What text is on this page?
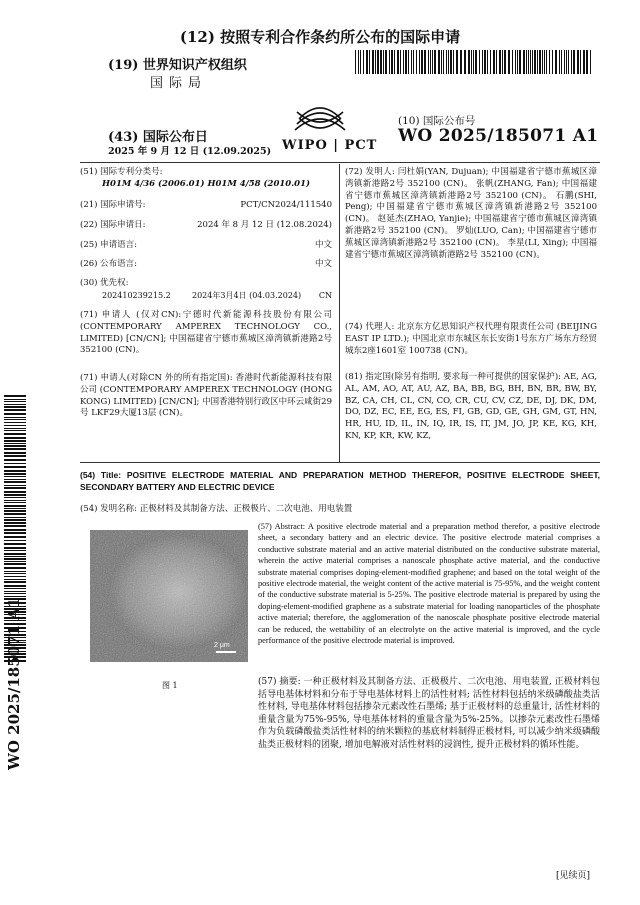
(12) 按照专利合作条约所公布的国际申请
(19) 世界知识产权组织
国际局
(43) 国际公布日
2025 年 9 月 12 日 (12.09.2025) WIPO | PCT
(10) 国际公布号
WO 2025/185071 A1
(51) 国际专利分类号:
H01M 4/36 (2006.01) H01M 4/58 (2010.01)
(21) 国际申请号:	PCT/CN2024/111540
(22) 国际申请日:	2024 年 8 月 12 日 (12.08.2024)
(25) 申请语言:	中文
(26) 公布语言:	中文
(30) 优先权:
202410239215.2	2024年3月4日 (04.03.2024) CN
(71) 申请人 (仅对CN):宁德时代新能源科技股份有限公司 (CONTEMPORARY AMPEREX TECHNOLOGY CO., LIMITED) [CN/CN]; 中国福建省宁德市蕉城区漳湾镇新港路2号 352100 (CN)。
(71) 申请人(对除CN 外的所有指定国): 香港时代新能源科技有限公司 (CONTEMPORARY AMPEREX TECHNOLOGY (HONG KONG) LIMITED) [CN/CN]; 中国香港特别行政区中环云咸街29号 LKF29大厦13层 (CN)。
(72) 发明人: 闫杜娟(YAN, Dujuan); 中国福建省宁德市蕉城区漳湾镇新港路2号 352100 (CN)。 张帆(ZHANG, Fan); 中国福建省宁德市蕉城区漳湾镇新港路2号 352100 (CN)。 石鹏(SHI, Peng); 中国福建省宁德市蕉城区漳湾镇新港路2号 352100 (CN)。 赵延杰(ZHAO, Yanjie); 中国福建省宁德市蕉城区漳湾镇新港路2号 352100 (CN)。 罗灿(LUO, Can); 中国福建省宁德市蕉城区漳湾镇新港路2号 352100 (CN)。 李星(LI, Xing); 中国福建省宁德市蕉城区漳湾镇新港路2号 352100 (CN)。
(74) 代理人: 北京东方亿思知识产权代理有限责任公司 (BEIJING EAST IP LTD.); 中国北京市东城区东长安街1号东方广场东方经贸城东2座1601室 100738 (CN)。
(81) 指定国(除另有指明, 要求每一种可提供的国家保护): AE, AG, AL, AM, AO, AT, AU, AZ, BA, BB, BG, BH, BN, BR, BW, BY, BZ, CA, CH, CL, CN, CO, CR, CU, CV, CZ, DE, DJ, DK, DM, DO, DZ, EC, EE, EG, ES, FI, GB, GD, GE, GH, GM, GT, HN, HR, HU, ID, IL, IN, IQ, IR, IS, IT, JM, JO, JP, KE, KG, KH, KN, KP, KR, KW, KZ,
(54) Title: POSITIVE ELECTRODE MATERIAL AND PREPARATION METHOD THEREFOR, POSITIVE ELECTRODE SHEET, SECONDARY BATTERY AND ELECTRIC DEVICE
(54) 发明名称: 正极材料及其制备方法、正极极片、二次电池、用电装置
2 µm
图 1
(57) Abstract: A positive electrode material and a preparation method therefor, a positive electrode sheet, a secondary battery and an electric device. The positive electrode material comprises a conductive substrate material and an active material distributed on the conductive substrate material, wherein the active material comprises a nanoscale phosphate active material, and the conductive substrate material comprises doping-element-modified graphene; and based on the total weight of the positive electrode material, the weight content of the active material is 75-95%, and the weight content of the conductive substrate material is 5-25%. The positive electrode material is prepared by using the doping-element-modified graphene as a substrate material for loading nanoparticles of the phosphate active material; therefore, the agglomeration of the nanoscale phosphate positive electrode material can be reduced, the wettability of an electrolyte on the active material is improved, and the cycle performance of the positive electrode material is improved.
(57) 摘要: 一种正极材料及其制备方法、正极极片、二次电池、用电装置, 正极材料包括导电基体材料和分布于导电基体材料上的活性材料; 活性材料包括纳米级磷酸盐类活性材料, 导电基体材料包括掺杂元素改性石墨烯; 基于正极材料的总重量计, 活性材料的重量含量为75%-95%, 导电基体材料的重量含量为5%-25%。以掺杂元素改性石墨烯作为负载磷酸盐类活性材料的纳米颗粒的基底材料制得正极材料, 可以减少纳米级磷酸盐类正极材料的团聚, 增加电解液对活性材料的浸润性, 提升正极材料的循环性能。
WO 2025/185071 A1
[见续页]
